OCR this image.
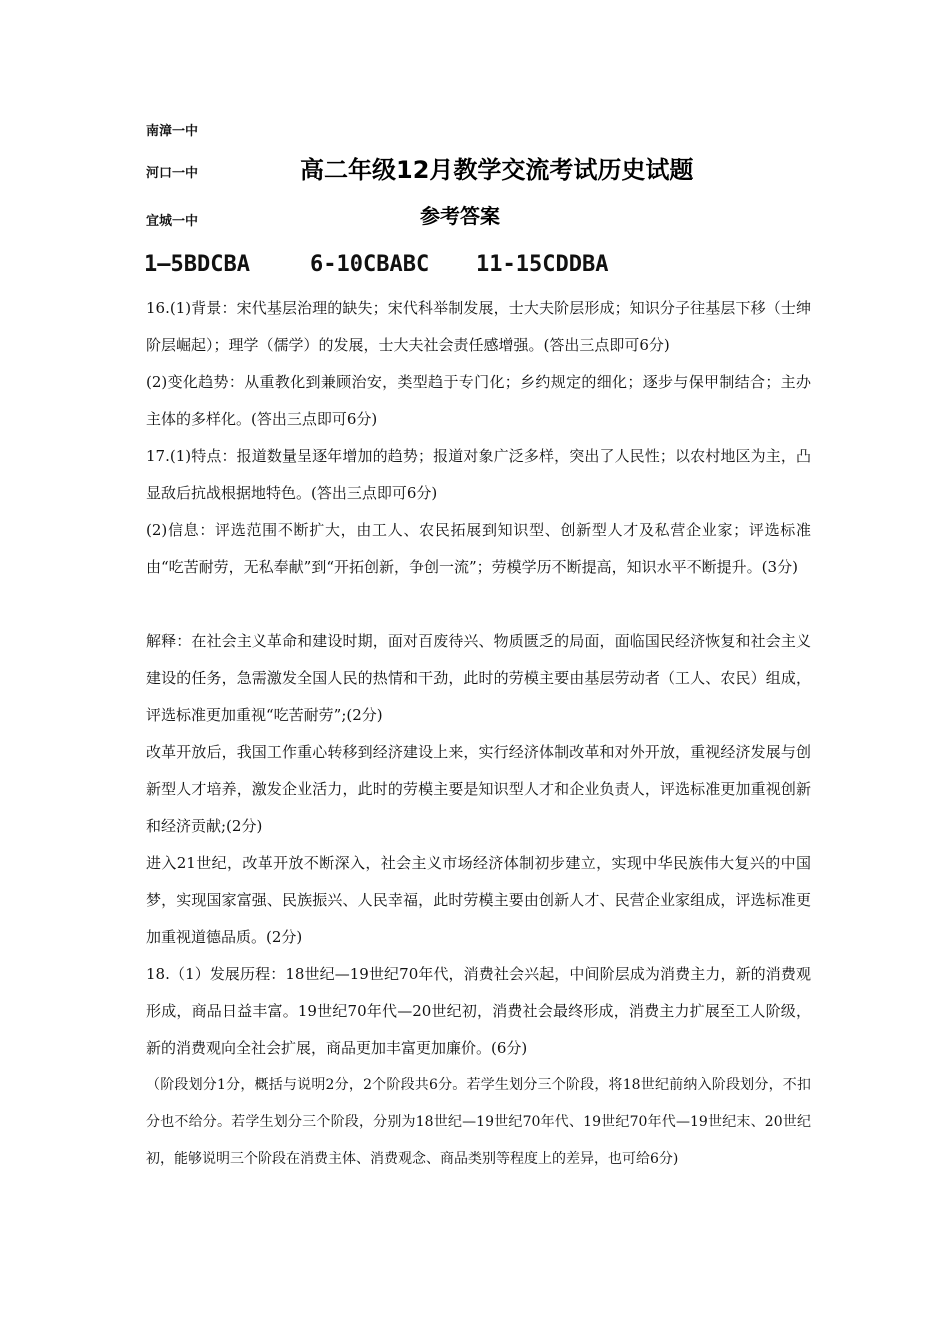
南漳一中
河口一中
宜城一中
高二年级12月教学交流考试历史试题
参考答案
1—5BDCBA	6-10CBABC 11-15CDDBA
16.(1)背景：宋代基层治理的缺失；宋代科举制发展，士大夫阶层形成；知识分子往基层下移（士绅阶层崛起）；理学（儒学）的发展，士大夫社会责任感增强。(答出三点即可6分)
(2)变化趋势：从重教化到兼顾治安，类型趋于专门化；乡约规定的细化；逐步与保甲制结合；主办主体的多样化。(答出三点即可6分)
17.(1)特点：报道数量呈逐年增加的趋势；报道对象广泛多样，突出了人民性；以农村地区为主，凸显敌后抗战根据地特色。(答出三点即可6分)
(2)信息：评选范围不断扩大，由工人、农民拓展到知识型、创新型人才及私营企业家；评选标准由“吃苦耐劳，无私奉献”到“开拓创新，争创一流”；劳模学历不断提高，知识水平不断提升。(3分)
解释：在社会主义革命和建设时期，面对百废待兴、物质匮乏的局面，面临国民经济恢复和社会主义建设的任务，急需激发全国人民的热情和干劲，此时的劳模主要由基层劳动者（工人、农民）组成，评选标准更加重视“吃苦耐劳”;(2分)
改革开放后，我国工作重心转移到经济建设上来，实行经济体制改革和对外开放，重视经济发展与创新型人才培养，激发企业活力，此时的劳模主要是知识型人才和企业负责人，评选标准更加重视创新和经济贡献;(2分)
进入21世纪，改革开放不断深入，社会主义市场经济体制初步建立，实现中华民族伟大复兴的中国梦，实现国家富强、民族振兴、人民幸福，此时劳模主要由创新人才、民营企业家组成，评选标准更加重视道德品质。(2分)
18.（1）发展历程：18世纪—19世纪70年代，消费社会兴起，中间阶层成为消费主力，新的消费观形成，商品日益丰富。19世纪70年代—20世纪初，消费社会最终形成，消费主力扩展至工人阶级，新的消费观向全社会扩展，商品更加丰富更加廉价。(6分)
（阶段划分1分，概括与说明2分，2个阶段共6分。若学生划分三个阶段，将18世纪前纳入阶段划分，不扣分也不给分。若学生划分三个阶段，分别为18世纪—19世纪70年代、19世纪70年代—19世纪末、20世纪初，能够说明三个阶段在消费主体、消费观念、商品类别等程度上的差异，也可给6分)
